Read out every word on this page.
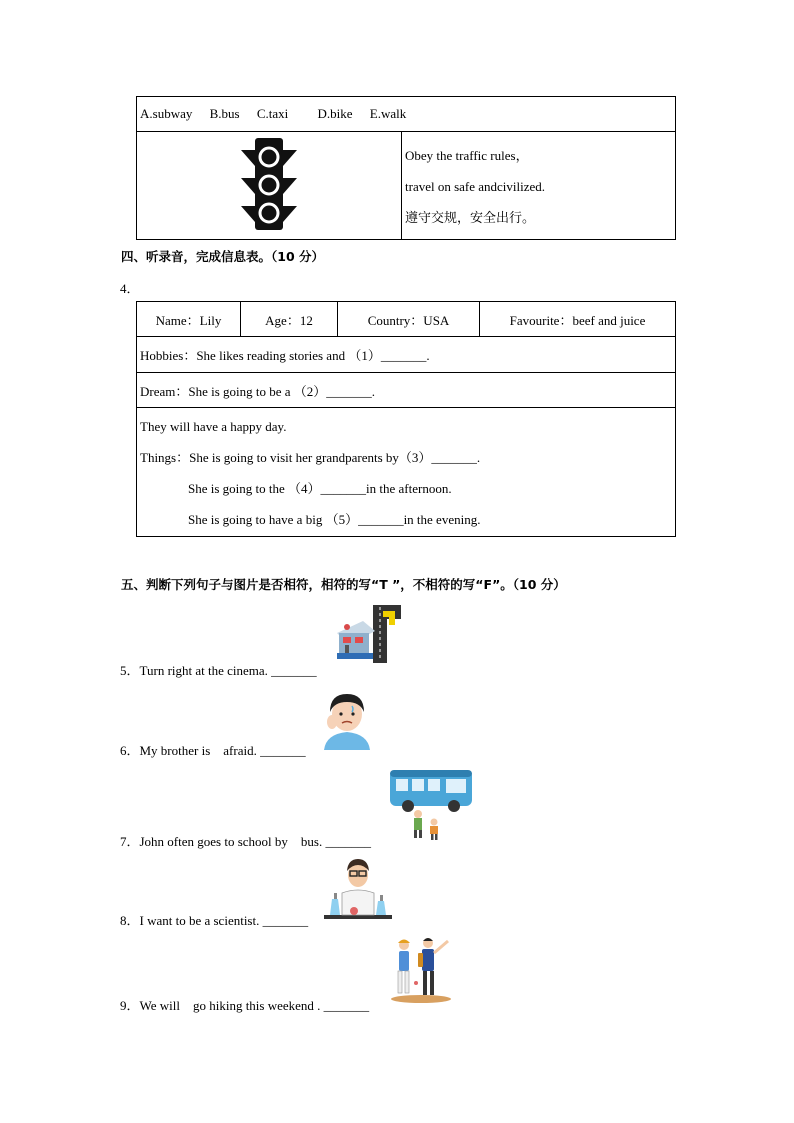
A.subway B.bus C.taxi D.bike E.walk

Obey the traffic rules，
travel on safe andcivilized.
遵守交规，安全出行。
四、听录音，完成信息表。（10 分）
4．
Name：Lily	Age：12	Country：USA	Favourite：beef and juice
Hobbies：She likes reading stories and （1）_______.
Dream：She is going to be a （2）_______.

They will have a happy day.
Things：She is going to visit her grandparents by（3）_______.
She is going to the （4）_______in the afternoon.
She is going to have a big （5）_______in the evening.
五、判断下列句子与图片是否相符，相符的写“T ”，不相符的写“F”。（10 分）
5．Turn right at the cinema. _______
6．My brother is    afraid. _______
7．John often goes to school by    bus. _______
8．I want to be a scientist. _______
9．We will    go hiking this weekend . _______
